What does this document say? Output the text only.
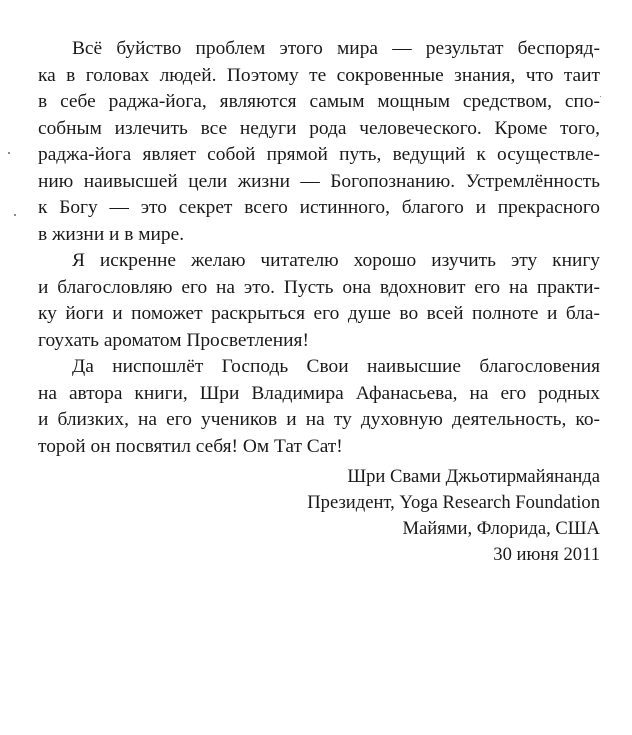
Всё буйство проблем этого мира — результат беспоряд-
ка в головах людей. Поэтому те сокровенные знания, что таит
в себе раджа-йога, являются самым мощным средством, спо-
собным излечить все недуги рода человеческого. Кроме того,
раджа-йога являет собой прямой путь, ведущий к осуществле-
нию наивысшей цели жизни — Богопознанию. Устремлённость
к Богу — это секрет всего истинного, благого и прекрасного
в жизни и в мире.

Я искренне желаю читателю хорошо изучить эту книгу
и благословляю его на это. Пусть она вдохновит его на практи-
ку йоги и поможет раскрыться его душе во всей полноте и бла-
гоухать ароматом Просветления!

Да ниспошлёт Господь Свои наивысшие благословения
на автора книги, Шри Владимира Афанасьева, на его родных
и близких, на его учеников и на ту духовную деятельность, ко-
торой он посвятил себя! Ом Тат Сат!

Шри Свами Джьотирмайянанда
Президент, Yoga Research Foundation
Майями, Флорида, США
30 июня 2011
